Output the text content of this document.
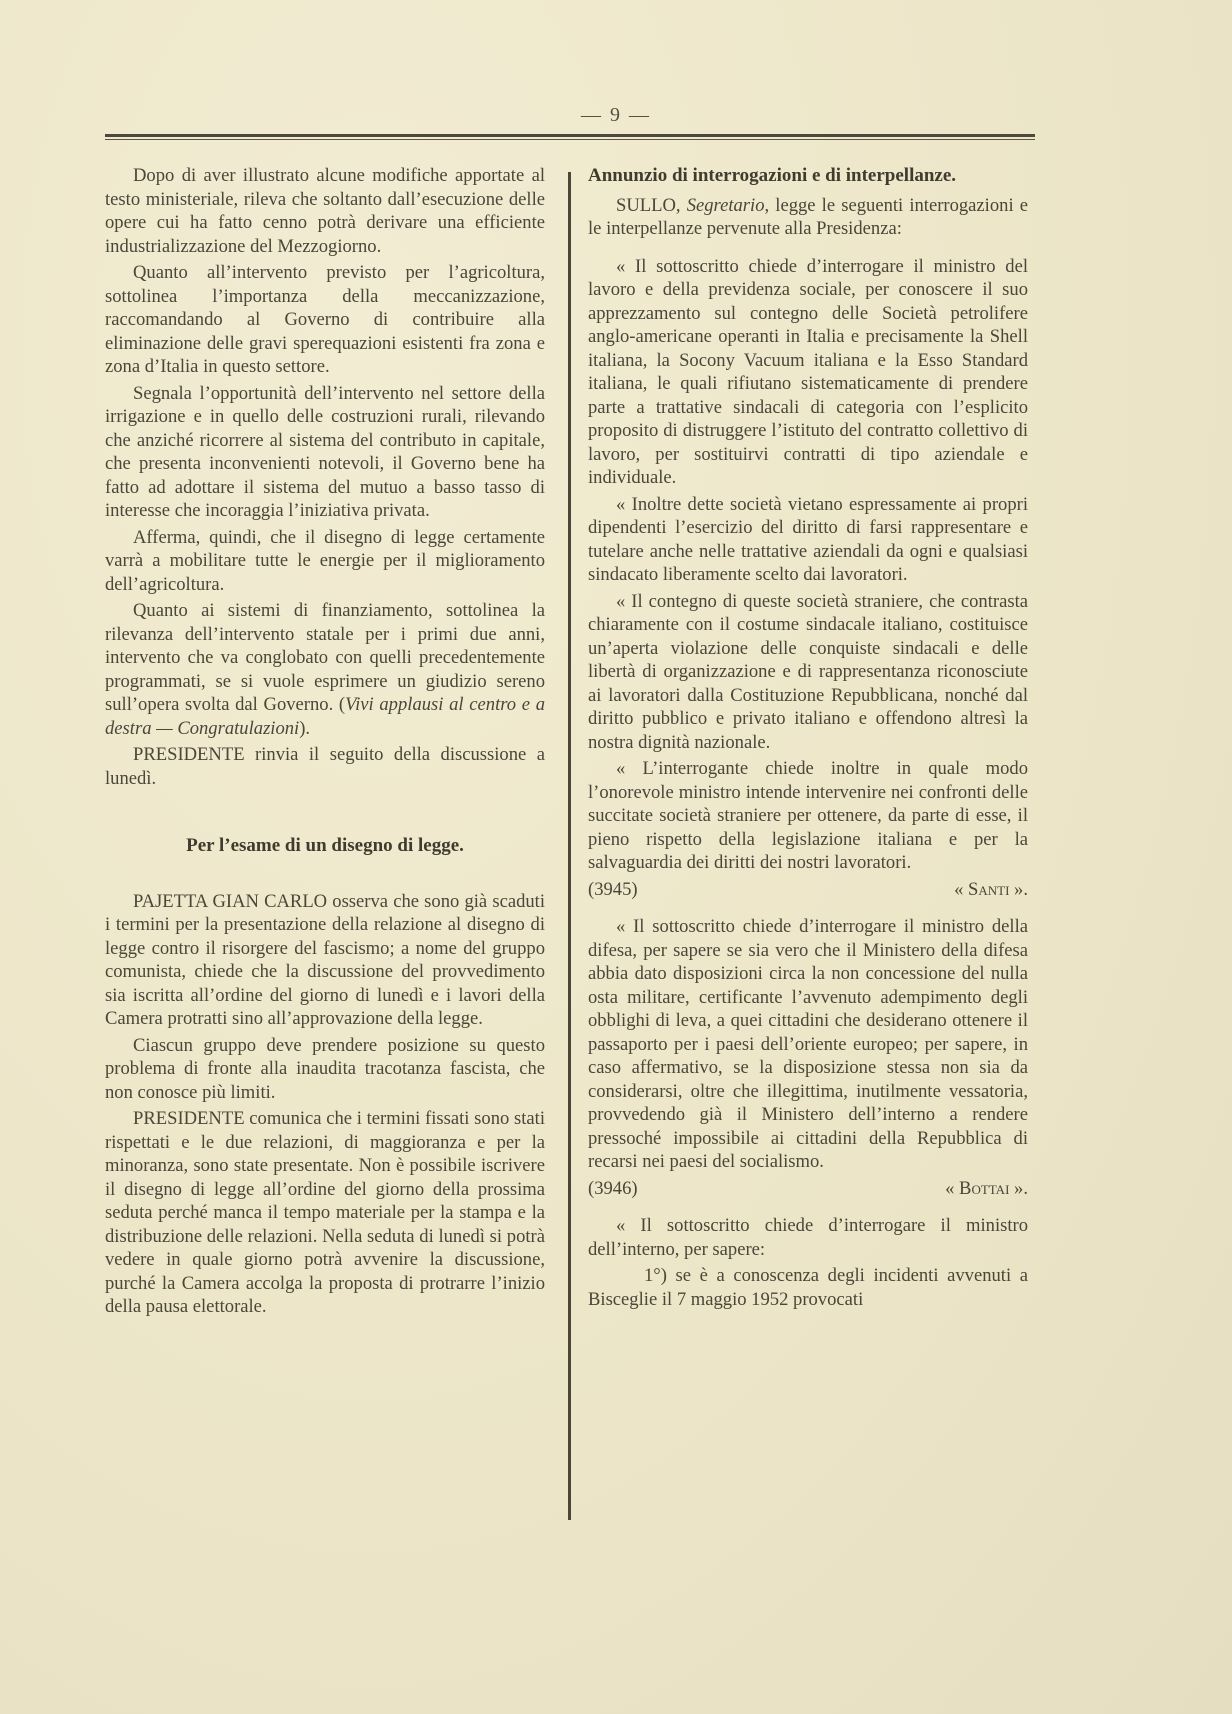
— 9 —

Dopo di aver illustrato alcune modifiche apportate al testo ministeriale, rileva che soltanto dall’esecuzione delle opere cui ha fatto cenno potrà derivare una efficiente industrializzazione del Mezzogiorno.

Quanto all’intervento previsto per l’agricoltura, sottolinea l’importanza della meccanizzazione, raccomandando al Governo di contribuire alla eliminazione delle gravi sperequazioni esistenti fra zona e zona d’Italia in questo settore.

Segnala l’opportunità dell’intervento nel settore della irrigazione e in quello delle costruzioni rurali, rilevando che anziché ricorrere al sistema del contributo in capitale, che presenta inconvenienti notevoli, il Governo bene ha fatto ad adottare il sistema del mutuo a basso tasso di interesse che incoraggia l’iniziativa privata.

Afferma, quindi, che il disegno di legge certamente varrà a mobilitare tutte le energie per il miglioramento dell’agricoltura.

Quanto ai sistemi di finanziamento, sottolinea la rilevanza dell’intervento statale per i primi due anni, intervento che va conglobato con quelli precedentemente programmati, se si vuole esprimere un giudizio sereno sull’opera svolta dal Governo. (Vivi applausi al centro e a destra — Congratulazioni).

PRESIDENTE rinvia il seguito della discussione a lunedì.

Per l’esame di un disegno di legge.

PAJETTA GIAN CARLO osserva che sono già scaduti i termini per la presentazione della relazione al disegno di legge contro il risorgere del fascismo; a nome del gruppo comunista, chiede che la discussione del provvedimento sia iscritta all’ordine del giorno di lunedì e i lavori della Camera protratti sino all’approvazione della legge.

Ciascun gruppo deve prendere posizione su questo problema di fronte alla inaudita tracotanza fascista, che non conosce più limiti.

PRESIDENTE comunica che i termini fissati sono stati rispettati e le due relazioni, di maggioranza e per la minoranza, sono state presentate. Non è possibile iscrivere il disegno di legge all’ordine del giorno della prossima seduta perché manca il tempo materiale per la stampa e la distribuzione delle relazioni. Nella seduta di lunedì si potrà vedere in quale giorno potrà avvenire la discussione, purché la Camera accolga la proposta di protrarre l’inizio della pausa elettorale.

Annunzio di interrogazioni e di interpellanze.

SULLO, Segretario, legge le seguenti interrogazioni e le interpellanze pervenute alla Presidenza:

« Il sottoscritto chiede d’interrogare il ministro del lavoro e della previdenza sociale, per conoscere il suo apprezzamento sul contegno delle Società petrolifere anglo-americane operanti in Italia e precisamente la Shell italiana, la Socony Vacuum italiana e la Esso Standard italiana, le quali rifiutano sistematicamente di prendere parte a trattative sindacali di categoria con l’esplicito proposito di distruggere l’istituto del contratto collettivo di lavoro, per sostituirvi contratti di tipo aziendale e individuale.

« Inoltre dette società vietano espressamente ai propri dipendenti l’esercizio del diritto di farsi rappresentare e tutelare anche nelle trattative aziendali da ogni e qualsiasi sindacato liberamente scelto dai lavoratori.

« Il contegno di queste società straniere, che contrasta chiaramente con il costume sindacale italiano, costituisce un’aperta violazione delle conquiste sindacali e delle libertà di organizzazione e di rappresentanza riconosciute ai lavoratori dalla Costituzione Repubblicana, nonché dal diritto pubblico e privato italiano e offendono altresì la nostra dignità nazionale.

« L’interrogante chiede inoltre in quale modo l’onorevole ministro intende intervenire nei confronti delle succitate società straniere per ottenere, da parte di esse, il pieno rispetto della legislazione italiana e per la salvaguardia dei diritti dei nostri lavoratori.

(3945)	« Santi ».

« Il sottoscritto chiede d’interrogare il ministro della difesa, per sapere se sia vero che il Ministero della difesa abbia dato disposizioni circa la non concessione del nulla osta militare, certificante l’avvenuto adempimento degli obblighi di leva, a quei cittadini che desiderano ottenere il passaporto per i paesi dell’oriente europeo; per sapere, in caso affermativo, se la disposizione stessa non sia da considerarsi, oltre che illegittima, inutilmente vessatoria, provvedendo già il Ministero dell’interno a rendere pressoché impossibile ai cittadini della Repubblica di recarsi nei paesi del socialismo.

(3946)	« Bottai ».

« Il sottoscritto chiede d’interrogare il ministro dell’interno, per sapere:

1°) se è a conoscenza degli incidenti avvenuti a Bisceglie il 7 maggio 1952 provocati
